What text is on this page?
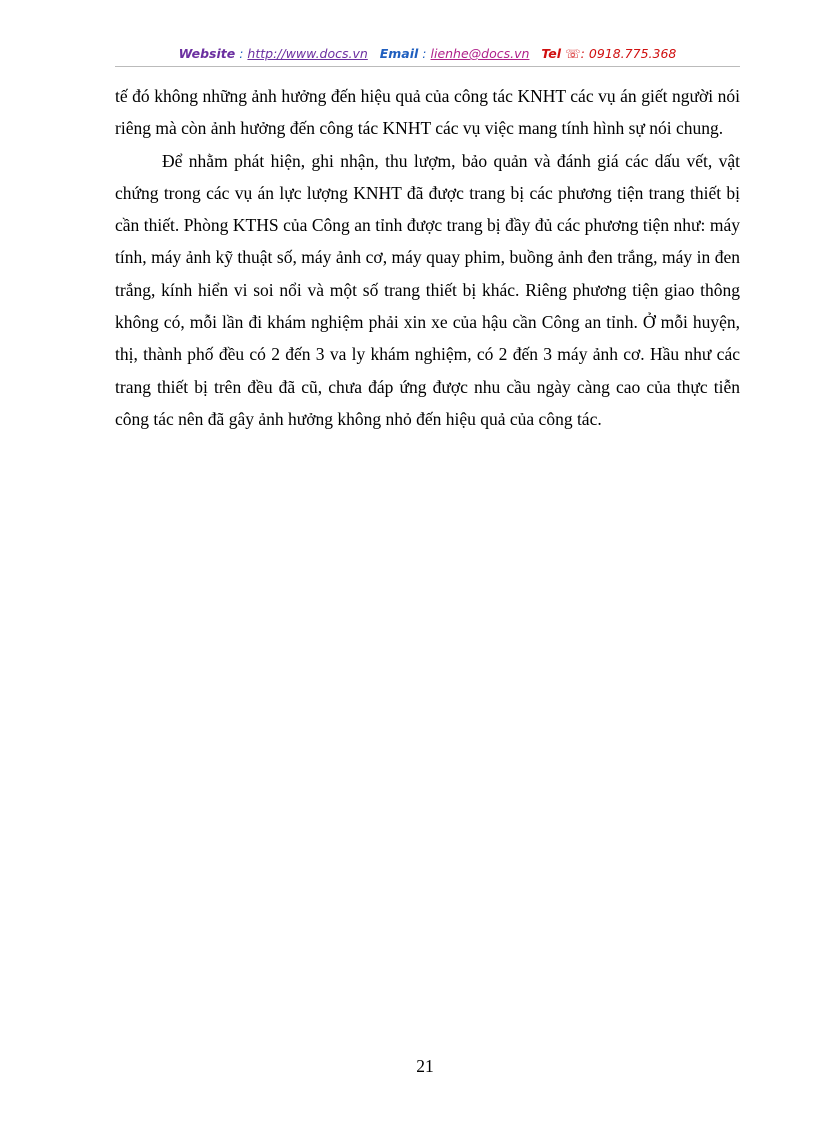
Website : http://www.docs.vn Email : lienhe@docs.vn Tel ☏: 0918.775.368

tế đó không những ảnh hưởng đến hiệu quả của công tác KNHT các vụ án giết người nói riêng mà còn ảnh hưởng đến công tác KNHT các vụ việc mang tính hình sự nói chung.

Để nhằm phát hiện, ghi nhận, thu lượm, bảo quản và đánh giá các dấu vết, vật chứng trong các vụ án lực lượng KNHT đã được trang bị các phương tiện trang thiết bị cần thiết. Phòng KTHS của Công an tỉnh được trang bị đầy đủ các phương tiện như: máy tính, máy ảnh kỹ thuật số, máy ảnh cơ, máy quay phim, buồng ảnh đen trắng, máy in đen trắng, kính hiển vi soi nổi và một số trang thiết bị khác. Riêng phương tiện giao thông không có, mỗi lần đi khám nghiệm phải xin xe của hậu cần Công an tỉnh. Ở mỗi huyện, thị, thành phố đều có 2 đến 3 va ly khám nghiệm, có 2 đến 3 máy ảnh cơ. Hầu như các trang thiết bị trên đều đã cũ, chưa đáp ứng được nhu cầu ngày càng cao của thực tiễn công tác nên đã gây ảnh hưởng không nhỏ đến hiệu quả của công tác.

21
